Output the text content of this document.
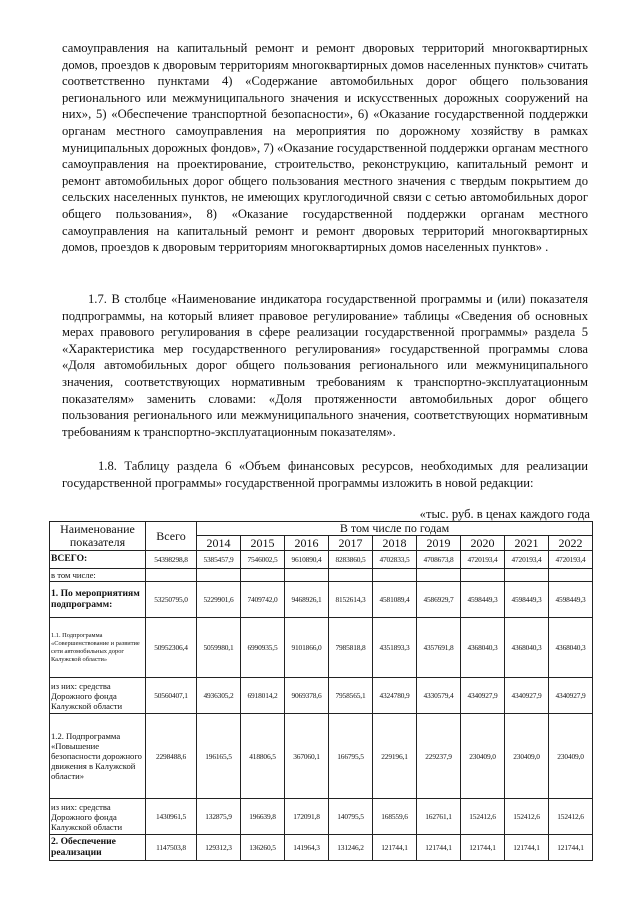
самоуправления на капитальный ремонт и ремонт дворовых территорий многоквартирных домов, проездов к дворовым территориям многоквартирных домов населенных пунктов» считать соответственно пунктами 4) «Содержание автомобильных дорог общего пользования регионального или межмуниципального значения и искусственных дорожных сооружений на них», 5) «Обеспечение транспортной безопасности», 6) «Оказание государственной поддержки органам местного самоуправления на мероприятия по дорожному хозяйству в рамках муниципальных дорожных фондов», 7) «Оказание государственной поддержки органам местного самоуправления на проектирование, строительство, реконструкцию, капитальный ремонт и ремонт автомобильных дорог общего пользования местного значения с твердым покрытием до сельских населенных пунктов, не имеющих круглогодичной связи с сетью автомобильных дорог общего пользования», 8) «Оказание государственной поддержки органам местного самоуправления на капитальный ремонт и ремонт дворовых территорий многоквартирных домов, проездов к дворовым территориям многоквартирных домов населенных пунктов» .
1.7. В столбце «Наименование индикатора государственной программы и (или) показателя подпрограммы, на который влияет правовое регулирование» таблицы «Сведения об основных мерах правового регулирования в сфере реализации государственной программы» раздела 5 «Характеристика мер государственного регулирования» государственной программы слова «Доля автомобильных дорог общего пользования регионального или межмуниципального значения, соответствующих нормативным требованиям к транспортно-эксплуатационным показателям» заменить словами: «Доля протяженности автомобильных дорог общего пользования регионального или межмуниципального значения, соответствующих нормативным требованиям к транспортно-эксплуатационным показателям».
1.8. Таблицу раздела 6 «Объем финансовых ресурсов, необходимых для реализации государственной программы» государственной программы изложить в новой редакции:
«тыс. руб. в ценах каждого года
Наименование показателя	Всего	В том числе по годам								
		2014	2015	2016	2017	2018	2019	2020	2021	2022
ВСЕГО:	54398298,8	5385457,9	7546002,5	9610890,4	8283860,5	4702833,5	4708673,8	4720193,4	4720193,4	4720193,4
в том числе:										
1. По мероприятиям подпрограмм:	53250795,0	5229901,6	7409742,0	9468926,1	8152614,3	4581089,4	4586929,7	4598449,3	4598449,3	4598449,3
1.1. Подпрограмма «Совершенствование и развитие сети автомобильных дорог Калужской области»	50952306,4	5059980,1	6990935,5	9101866,0	7985818,8	4351893,3	4357691,8	4368040,3	4368040,3	4368040,3
из них: средства Дорожного фонда Калужской области	50560407,1	4936305,2	6918014,2	9069378,6	7958565,1	4324780,9	4330579,4	4340927,9	4340927,9	4340927,9
1.2. Подпрограмма «Повышение безопасности дорожного движения в Калужской области»	2298488,6	196165,5	418806,5	367060,1	166795,5	229196,1	229237,9	230409,0	230409,0	230409,0
из них: средства Дорожного фонда Калужской области	1430961,5	132875,9	196639,8	172091,8	140795,5	168559,6	162761,1	152412,6	152412,6	152412,6
2. Обеспечение реализации	1147503,8	129312,3	136260,5	141964,3	131246,2	121744,1	121744,1	121744,1	121744,1	121744,1
